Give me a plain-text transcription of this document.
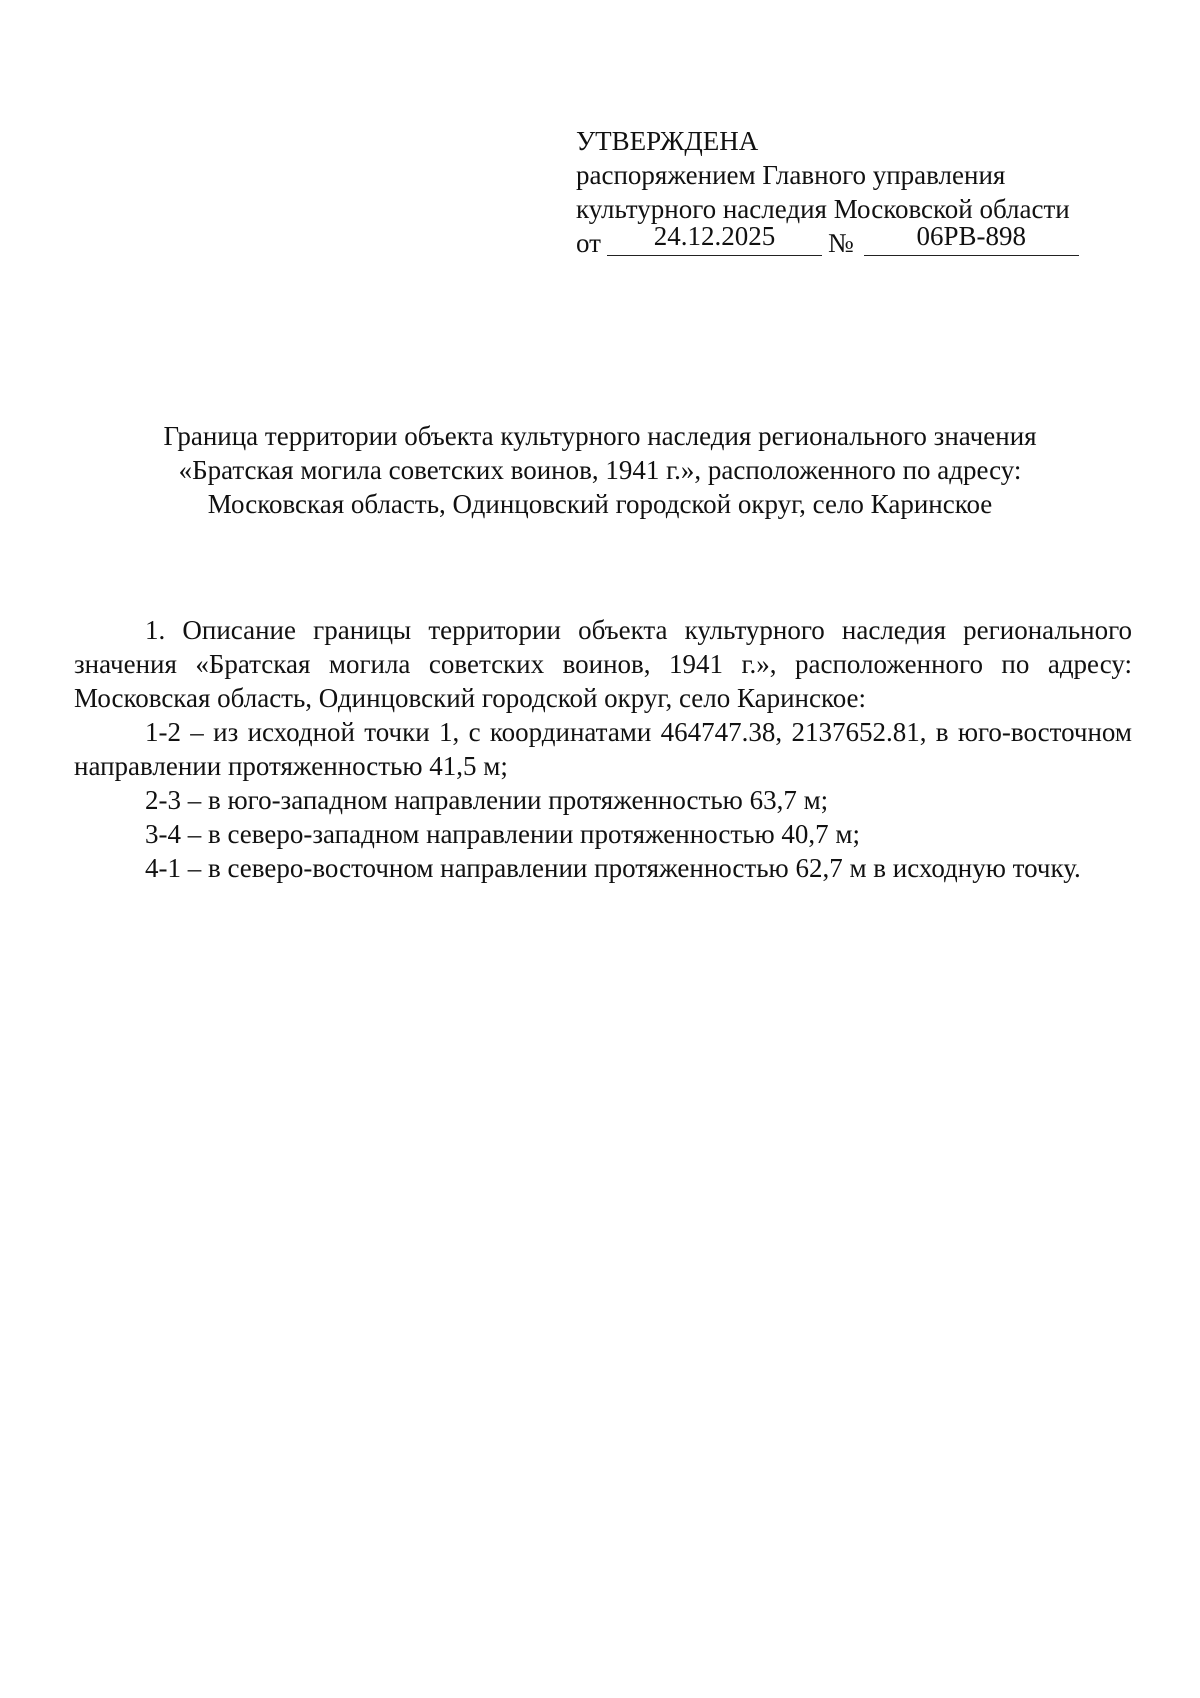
УТВЕРЖДЕНА
распоряжением Главного управления
культурного наследия Московской области
от	24.12.2025	№	06РВ-898
Граница территории объекта культурного наследия регионального значения
«Братская могила советских воинов, 1941 г.», расположенного по адресу:
Московская область, Одинцовский городской округ, село Каринское

1. Описание границы территории объекта культурного наследия регионального значения «Братская могила советских воинов, 1941 г.», расположенного по адресу: Московская область, Одинцовский городской округ, село Каринское:

1-2 – из исходной точки 1, с координатами 464747.38, 2137652.81, в юго-восточном направлении протяженностью 41,5 м;

2-3 – в юго-западном направлении протяженностью 63,7 м;

3-4 – в северо-западном направлении протяженностью 40,7 м;

4-1 – в северо-восточном направлении протяженностью 62,7 м в исходную точку.
